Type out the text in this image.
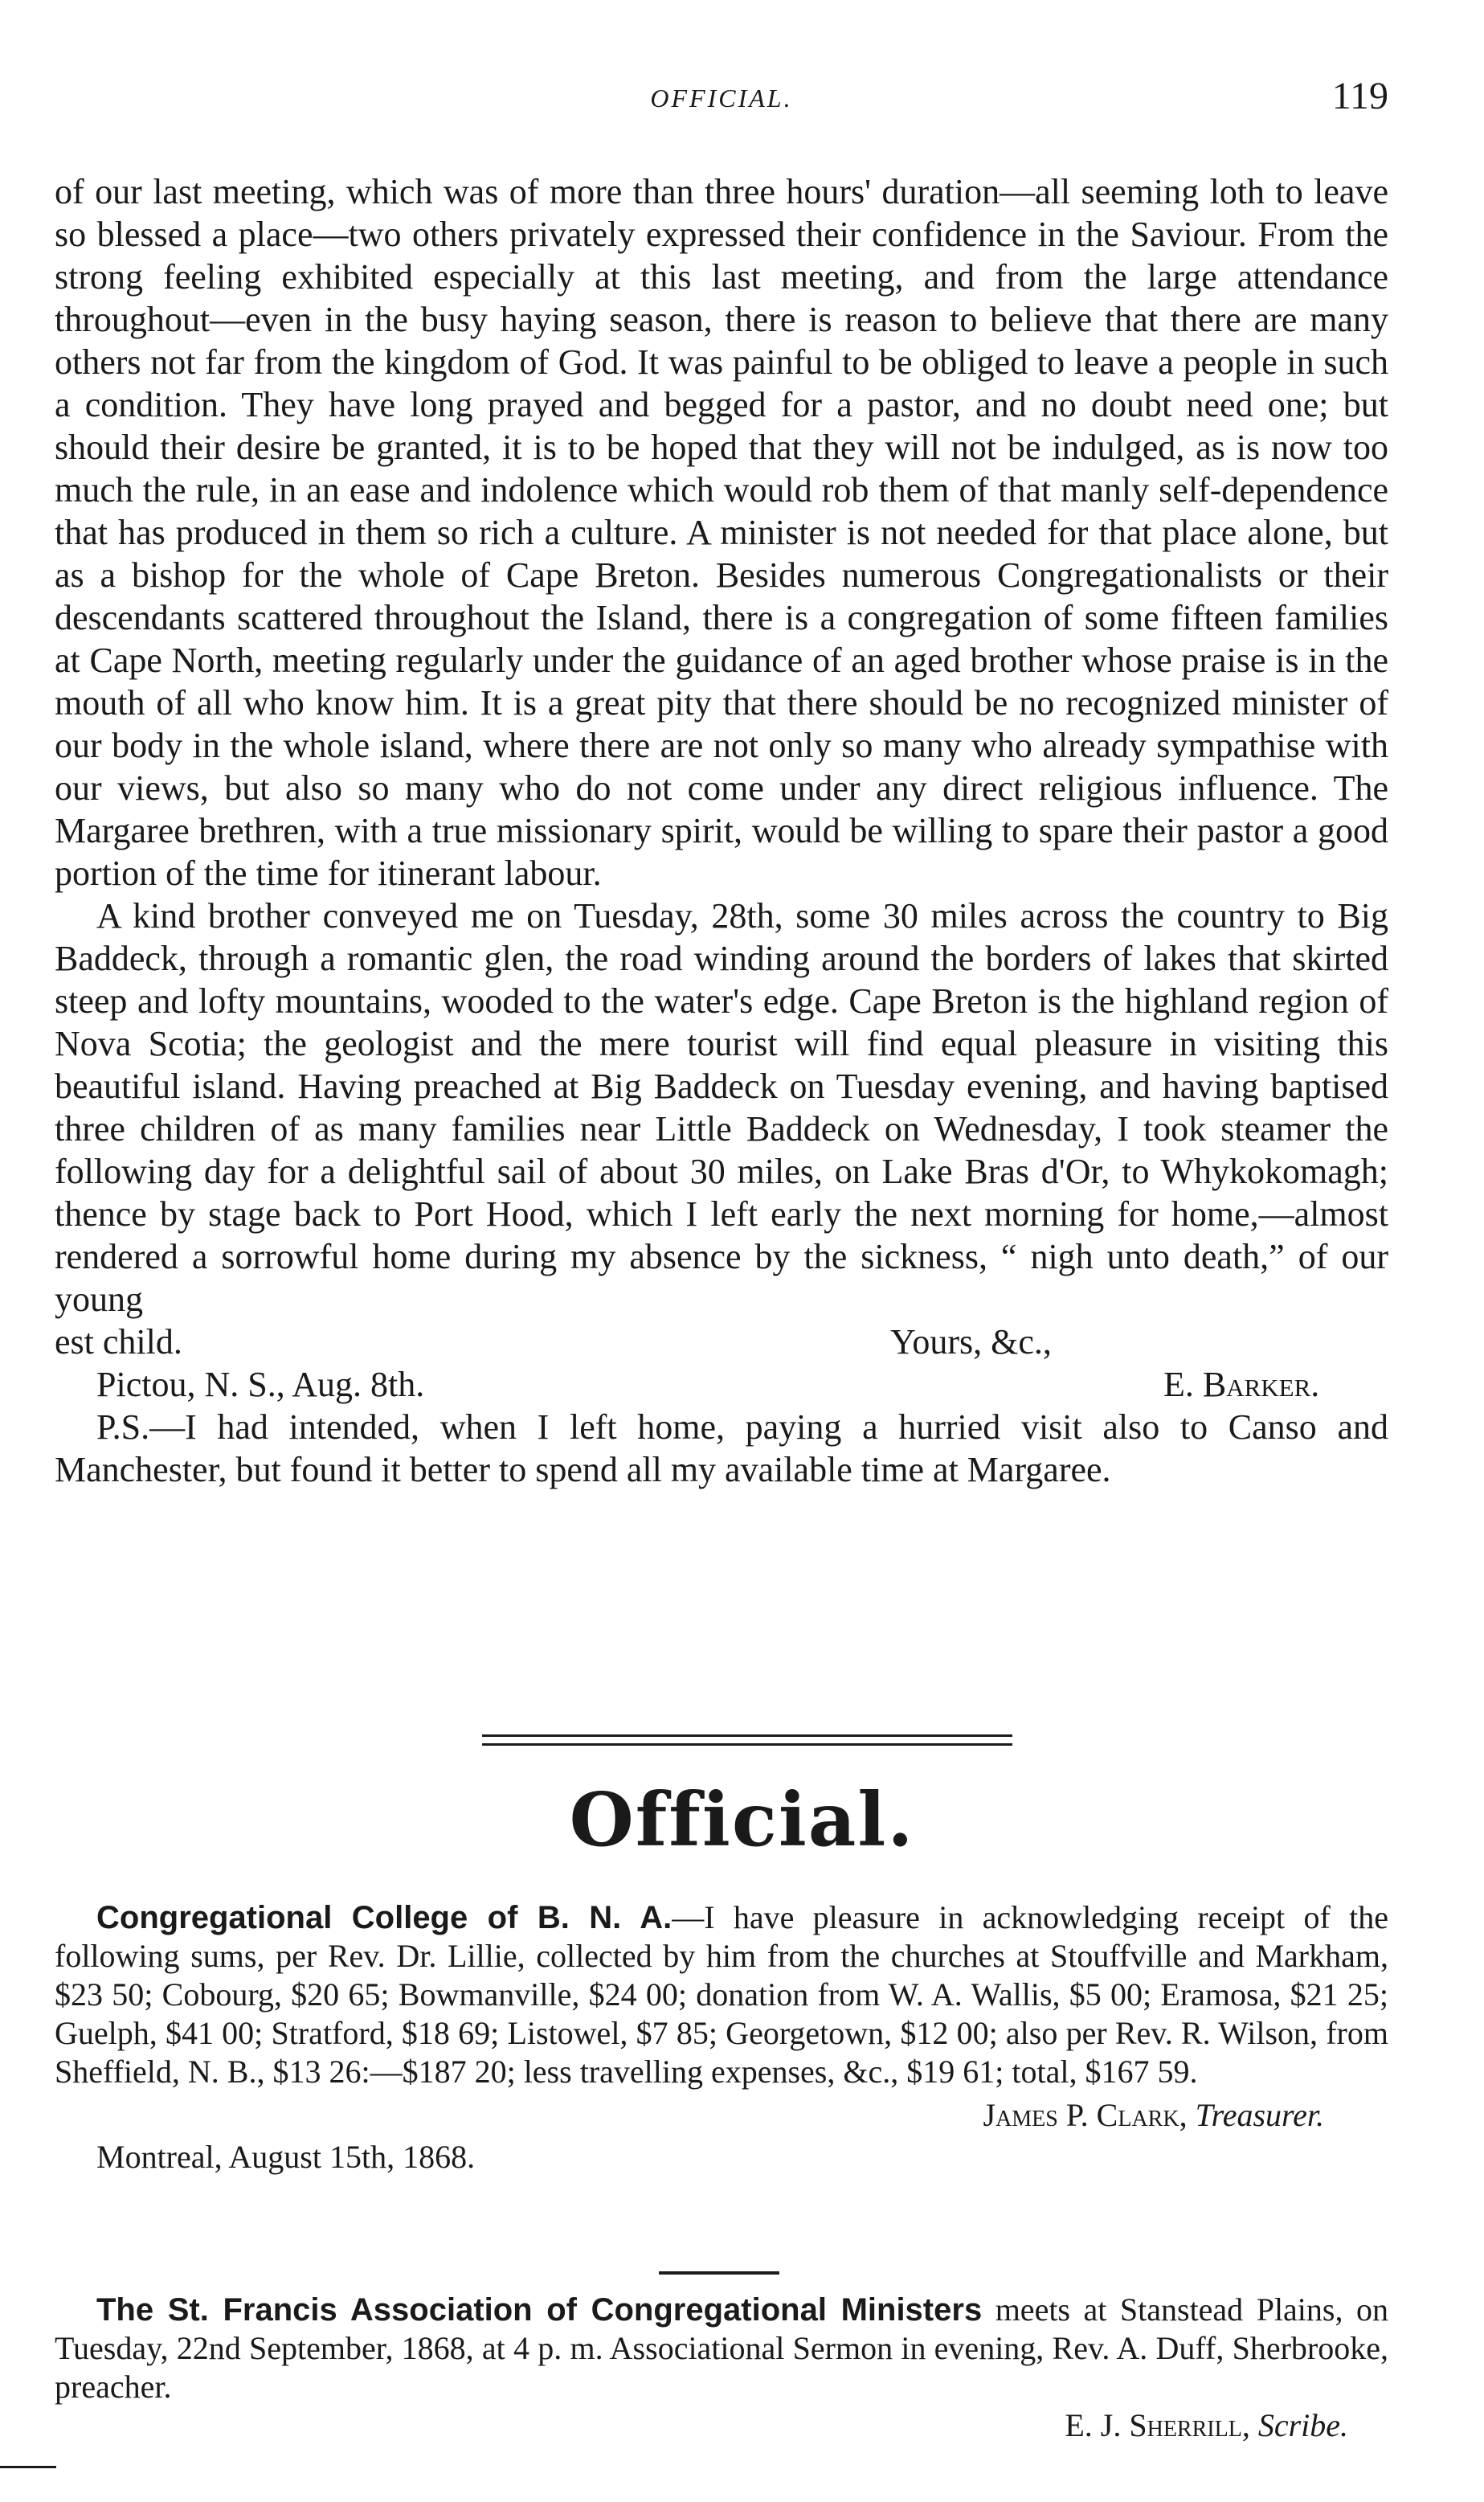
OFFICIAL.	119

of our last meeting, which was of more than three hours' duration—all seeming loth to leave so blessed a place—two others privately expressed their confidence in the Saviour. From the strong feeling exhibited especially at this last meeting, and from the large attendance throughout—even in the busy haying season, there is reason to believe that there are many others not far from the kingdom of God. It was painful to be obliged to leave a people in such a condition. They have long prayed and begged for a pastor, and no doubt need one; but should their desire be granted, it is to be hoped that they will not be indulged, as is now too much the rule, in an ease and indolence which would rob them of that manly self-dependence that has produced in them so rich a culture. A minister is not needed for that place alone, but as a bishop for the whole of Cape Breton. Besides numerous Congregationalists or their descendants scattered throughout the Island, there is a congregation of some fifteen families at Cape North, meeting regularly under the guidance of an aged brother whose praise is in the mouth of all who know him. It is a great pity that there should be no recognized minister of our body in the whole island, where there are not only so many who already sympathise with our views, but also so many who do not come under any direct religious influence. The Margaree brethren, with a true missionary spirit, would be willing to spare their pastor a good portion of the time for itinerant labour.

A kind brother conveyed me on Tuesday, 28th, some 30 miles across the country to Big Baddeck, through a romantic glen, the road winding around the borders of lakes that skirted steep and lofty mountains, wooded to the water's edge. Cape Breton is the highland region of Nova Scotia; the geologist and the mere tourist will find equal pleasure in visiting this beautiful island. Having preached at Big Baddeck on Tuesday evening, and having baptised three children of as many families near Little Baddeck on Wednesday, I took steamer the following day for a delightful sail of about 30 miles, on Lake Bras d'Or, to Whykokomagh; thence by stage back to Port Hood, which I left early the next morning for home,—almost rendered a sorrowful home during my absence by the sickness, “ nigh unto death,” of our young

est child.	Yours, &c.,
Pictou, N. S., Aug. 8th.	E. Barker.

P.S.—I had intended, when I left home, paying a hurried visit also to Canso and Manchester, but found it better to spend all my available time at Margaree.

Official.

Congregational College of B. N. A.—I have pleasure in acknowledging receipt of the following sums, per Rev. Dr. Lillie, collected by him from the churches at Stouffville and Markham, $23 50; Cobourg, $20 65; Bowmanville, $24 00; donation from W. A. Wallis, $5 00; Eramosa, $21 25; Guelph, $41 00; Stratford, $18 69; Listowel, $7 85; Georgetown, $12 00; also per Rev. R. Wilson, from Sheffield, N. B., $13 26:—$187 20; less travelling expenses, &c., $19 61; total, $167 59.

James P. Clark, Treasurer.
Montreal, August 15th, 1868.

The St. Francis Association of Congregational Ministers meets at Stanstead Plains, on Tuesday, 22nd September, 1868, at 4 p. m. Associational Sermon in evening, Rev. A. Duff, Sherbrooke, preacher.

E. J. Sherrill, Scribe.
